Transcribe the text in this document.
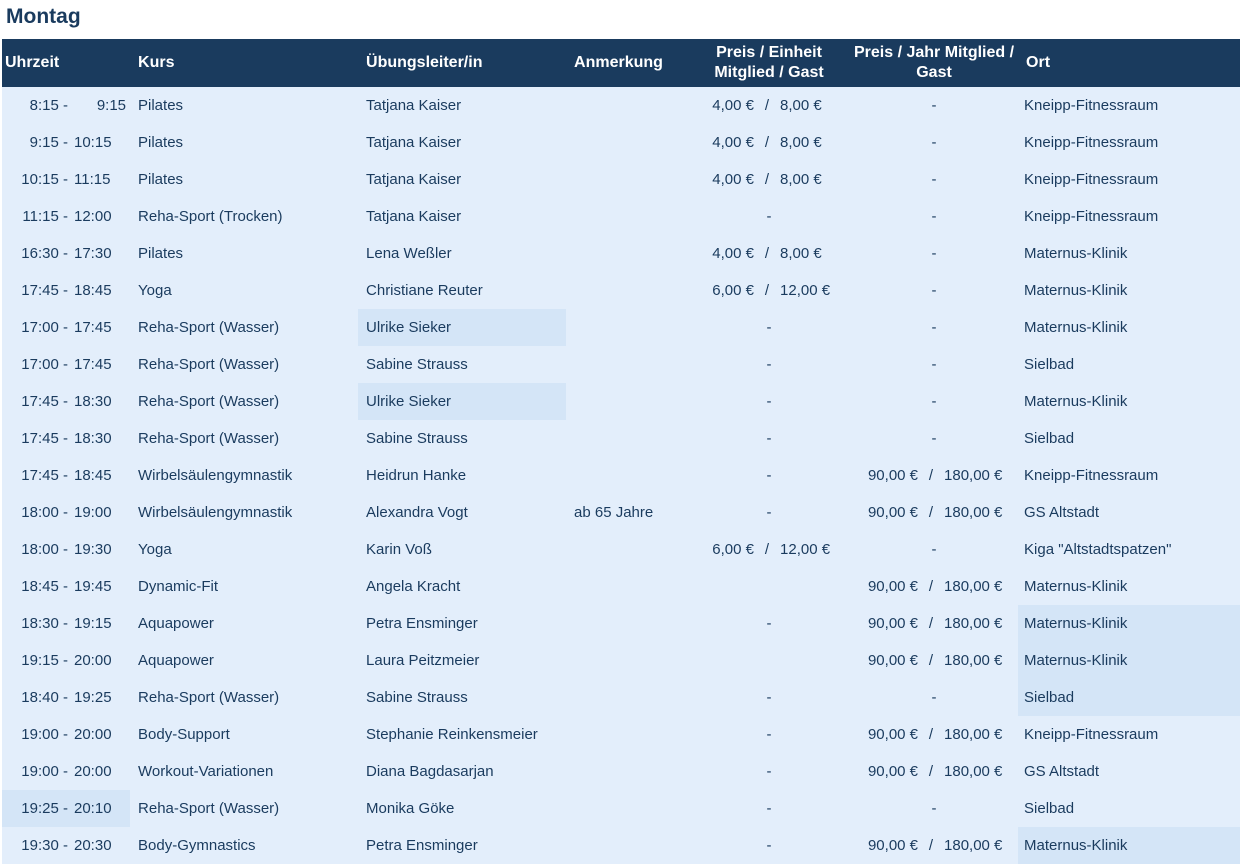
Montag
Uhrzeit		Kurs	Übungsleiter/in	Anmerkung	Preis / Einheit Mitglied / Gast	Preis / Jahr Mitglied / Gast	Ort
8:15 -	9:15	Pilates	Tatjana Kaiser		4,00 € / 8,00 €	-	Kneipp-Fitnessraum
9:15 -	10:15	Pilates	Tatjana Kaiser		4,00 € / 8,00 €	-	Kneipp-Fitnessraum
10:15 -	11:15	Pilates	Tatjana Kaiser		4,00 € / 8,00 €	-	Kneipp-Fitnessraum
11:15 -	12:00	Reha-Sport (Trocken)	Tatjana Kaiser		-	-	Kneipp-Fitnessraum
16:30 -	17:30	Pilates	Lena Weßler		4,00 € / 8,00 €	-	Maternus-Klinik
17:45 -	18:45	Yoga	Christiane Reuter		6,00 € / 12,00 €	-	Maternus-Klinik
17:00 -	17:45	Reha-Sport (Wasser)	Ulrike Sieker		-	-	Maternus-Klinik
17:00 -	17:45	Reha-Sport (Wasser)	Sabine Strauss		-	-	Sielbad
17:45 -	18:30	Reha-Sport (Wasser)	Ulrike Sieker		-	-	Maternus-Klinik
17:45 -	18:30	Reha-Sport (Wasser)	Sabine Strauss		-	-	Sielbad
17:45 -	18:45	Wirbelsäulengymnastik	Heidrun Hanke		-	90,00 € / 180,00 €	Kneipp-Fitnessraum
18:00 -	19:00	Wirbelsäulengymnastik	Alexandra Vogt	ab 65 Jahre	-	90,00 € / 180,00 €	GS Altstadt
18:00 -	19:30	Yoga	Karin Voß		6,00 € / 12,00 €	-	Kiga "Altstadtspatzen"
18:45 -	19:45	Dynamic-Fit	Angela Kracht			90,00 € / 180,00 €	Maternus-Klinik
18:30 -	19:15	Aquapower	Petra Ensminger		-	90,00 € / 180,00 €	Maternus-Klinik
19:15 -	20:00	Aquapower	Laura Peitzmeier			90,00 € / 180,00 €	Maternus-Klinik
18:40 -	19:25	Reha-Sport (Wasser)	Sabine Strauss		-	-	Sielbad
19:00 -	20:00	Body-Support	Stephanie Reinkensmeier		-	90,00 € / 180,00 €	Kneipp-Fitnessraum
19:00 -	20:00	Workout-Variationen	Diana Bagdasarjan		-	90,00 € / 180,00 €	GS Altstadt
19:25 -	20:10	Reha-Sport (Wasser)	Monika Göke		-	-	Sielbad
19:30 -	20:30	Body-Gymnastics	Petra Ensminger		-	90,00 € / 180,00 €	Maternus-Klinik
